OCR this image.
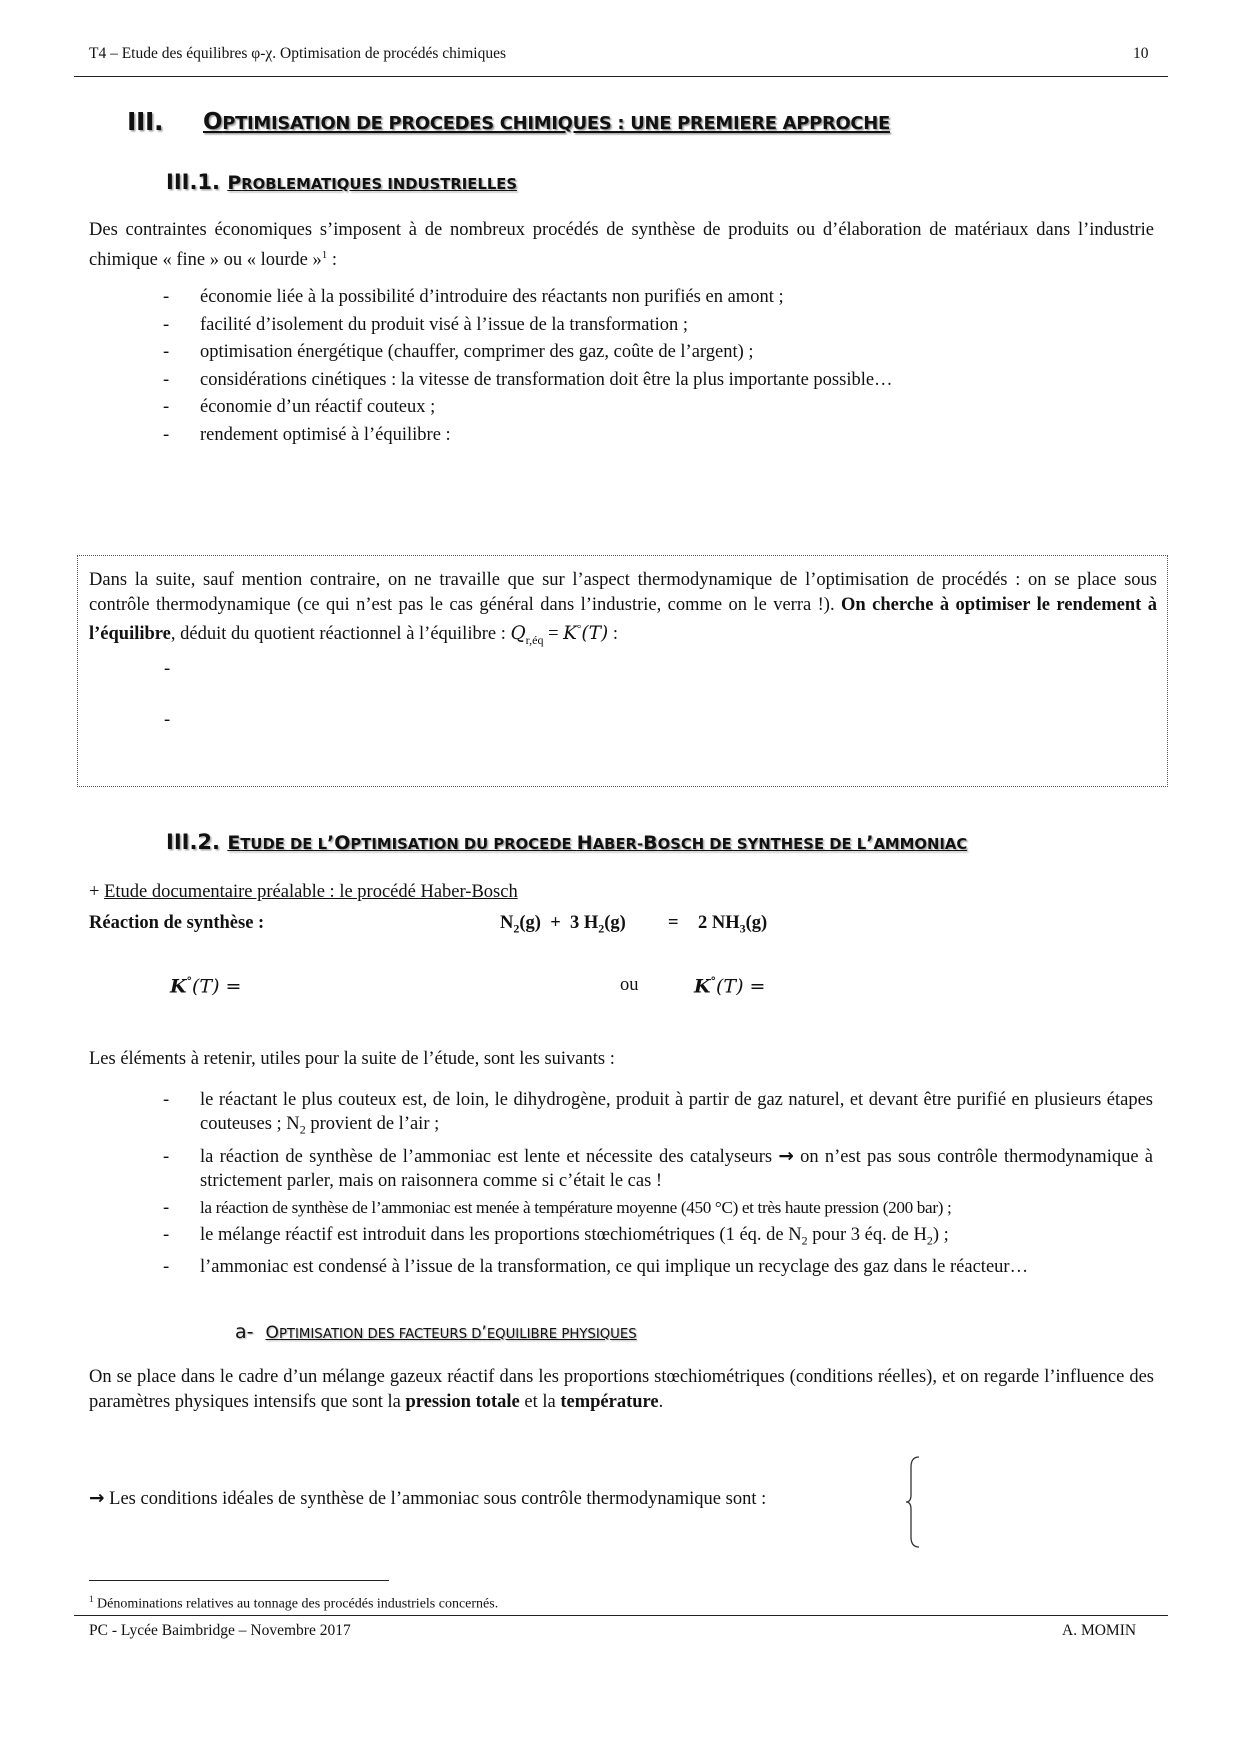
T4 – Etude des équilibres φ-χ. Optimisation de procédés chimiques	10
III. OPTIMISATION DE PROCEDES CHIMIQUES : UNE PREMIERE APPROCHE
III.1. PROBLEMATIQUES INDUSTRIELLES
Des contraintes économiques s’imposent à de nombreux procédés de synthèse de produits ou d’élaboration de matériaux dans l’industrie chimique « fine » ou « lourde »$^1$ :
- économie liée à la possibilité d’introduire des réactants non purifiés en amont ;
- facilité d’isolement du produit visé à l’issue de la transformation ;
- optimisation énergétique (chauffer, comprimer des gaz, coûte de l’argent) ;
- considérations cinétiques : la vitesse de transformation doit être la plus importante possible…
- économie d’un réactif couteux ;
- rendement optimisé à l’équilibre :
Dans la suite, sauf mention contraire, on ne travaille que sur l’aspect thermodynamique de l’optimisation de procédés : on se place sous contrôle thermodynamique (ce qui n’est pas le cas général dans l’industrie, comme on le verra !). On cherche à optimiser le rendement à l’équilibre, déduit du quotient réactionnel à l’équilibre : $Q_{r,éq} = K^\circ(T)$ :
-
-
III.2. ETUDE DE L’OPTIMISATION DU PROCEDE HABER-BOSCH DE SYNTHESE DE L’AMMONIAC
+ Etude documentaire préalable : le procédé Haber-Bosch
Réaction de synthèse :	$N_2(g) + 3$ $H_2(g) = 2$ $NH_3(g)$
K°(T) =	ou	K°(T) =
Les éléments à retenir, utiles pour la suite de l’étude, sont les suivants :
- le réactant le plus couteux est, de loin, le dihydrogène, produit à partir de gaz naturel, et devant être purifié en plusieurs étapes couteuses ; $N_2$ provient de l’air ;
- la réaction de synthèse de l’ammoniac est lente et nécessite des catalyseurs → on n’est pas sous contrôle thermodynamique à strictement parler, mais on raisonnera comme si c’était le cas !
- la réaction de synthèse de l’ammoniac est menée à température moyenne (450 °C) et très haute pression (200 bar) ;
- le mélange réactif est introduit dans les proportions stœchiométriques (1 éq. de $N_2$ pour 3 éq. de $H_2$) ;
- l’ammoniac est condensé à l’issue de la transformation, ce qui implique un recyclage des gaz dans le réacteur…
a- OPTIMISATION DES FACTEURS D’EQUILIBRE PHYSIQUES
On se place dans le cadre d’un mélange gazeux réactif dans les proportions stœchiométriques (conditions réelles), et on regarde l’influence des paramètres physiques intensifs que sont la pression totale et la température.
→ Les conditions idéales de synthèse de l’ammoniac sous contrôle thermodynamique sont :
$^1$ Dénominations relatives au tonnage des procédés industriels concernés.
PC - Lycée Baimbridge – Novembre 2017	A. MOMIN
